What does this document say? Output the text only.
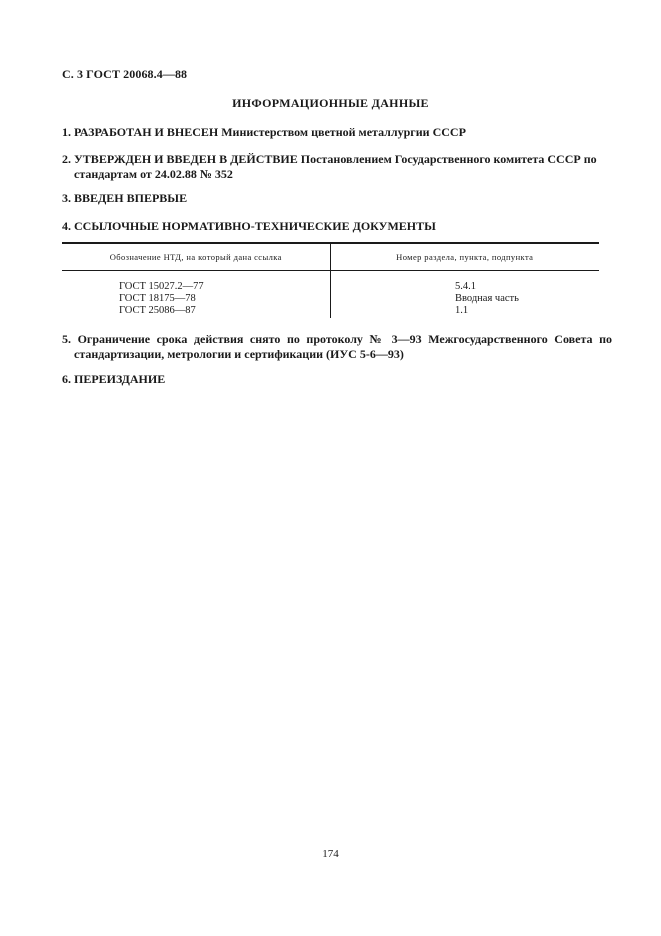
С. 3 ГОСТ 20068.4—88
ИНФОРМАЦИОННЫЕ ДАННЫЕ
1. РАЗРАБОТАН И ВНЕСЕН Министерством цветной металлургии СССР
2. УТВЕРЖДЕН И ВВЕДЕН В ДЕЙСТВИЕ Постановлением Государственного комитета СССР по
стандартам от 24.02.88 № 352
3. ВВЕДЕН ВПЕРВЫЕ
4. ССЫЛОЧНЫЕ НОРМАТИВНО-ТЕХНИЧЕСКИЕ ДОКУМЕНТЫ
Обозначение НТД, на который дана ссылка	Номер раздела, пункта, подпункта
ГОСТ 15027.2—77	5.4.1
ГОСТ 18175—78	Вводная часть
ГОСТ 25086—87	1.1
5. Ограничение срока действия снято по протоколу № 3—93 Межгосударственного Совета по стандартизации, метрологии и сертификации (ИУС 5-6—93)
6. ПЕРЕИЗДАНИЕ
174
